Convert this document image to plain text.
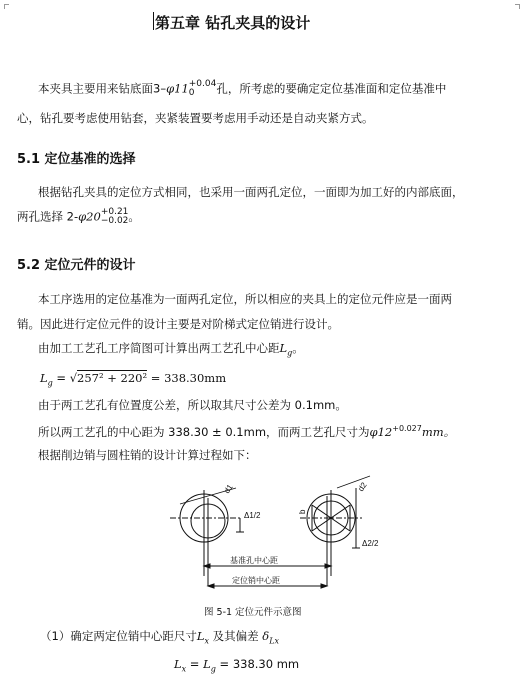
第五章 钻孔夹具的设计
本夹具主要用来钻底面3–φ11 +0.04
0	孔，所考虑的要确定定位基准面和定位基准中
心，钻孔要考虑使用钻套，夹紧装置要考虑用手动还是自动夹紧方式。
5.1 定位基准的选择
根据钻孔夹具的定位方式相同，也采用一面两孔定位，一面即为加工好的内部底面，
两孔选择 2-φ20 +0.21
−0.02 。
5.2 定位元件的设计
本工序选用的定位基准为一面两孔定位，所以相应的夹具上的定位元件应是一面两
销。因此进行定位元件的设计主要是对阶梯式定位销进行设计。
由加工工艺孔工序简图可计算出两工艺孔中心距$L_g$。
$L_g = √257^2 + 220^2 = 338.30mm$
由于两工艺孔有位置度公差，所以取其尺寸公差为 0.1mm。
所以两工艺孔的中心距为 338.30 ± 0.1mm，而两工艺孔尺寸为$\varphi 12^{+0.027}mm$。
根据削边销与圆柱销的设计计算过程如下：
d1	d2
Δ1/2
Δ2/2
b
基准孔中心距
定位销中心距
图 5-1 定位元件示意图
（1）确定两定位销中心距尺寸$L_x$ 及其偏差 $\delta_{Lx}$
$L_x = L_g = 338.30$ mm
